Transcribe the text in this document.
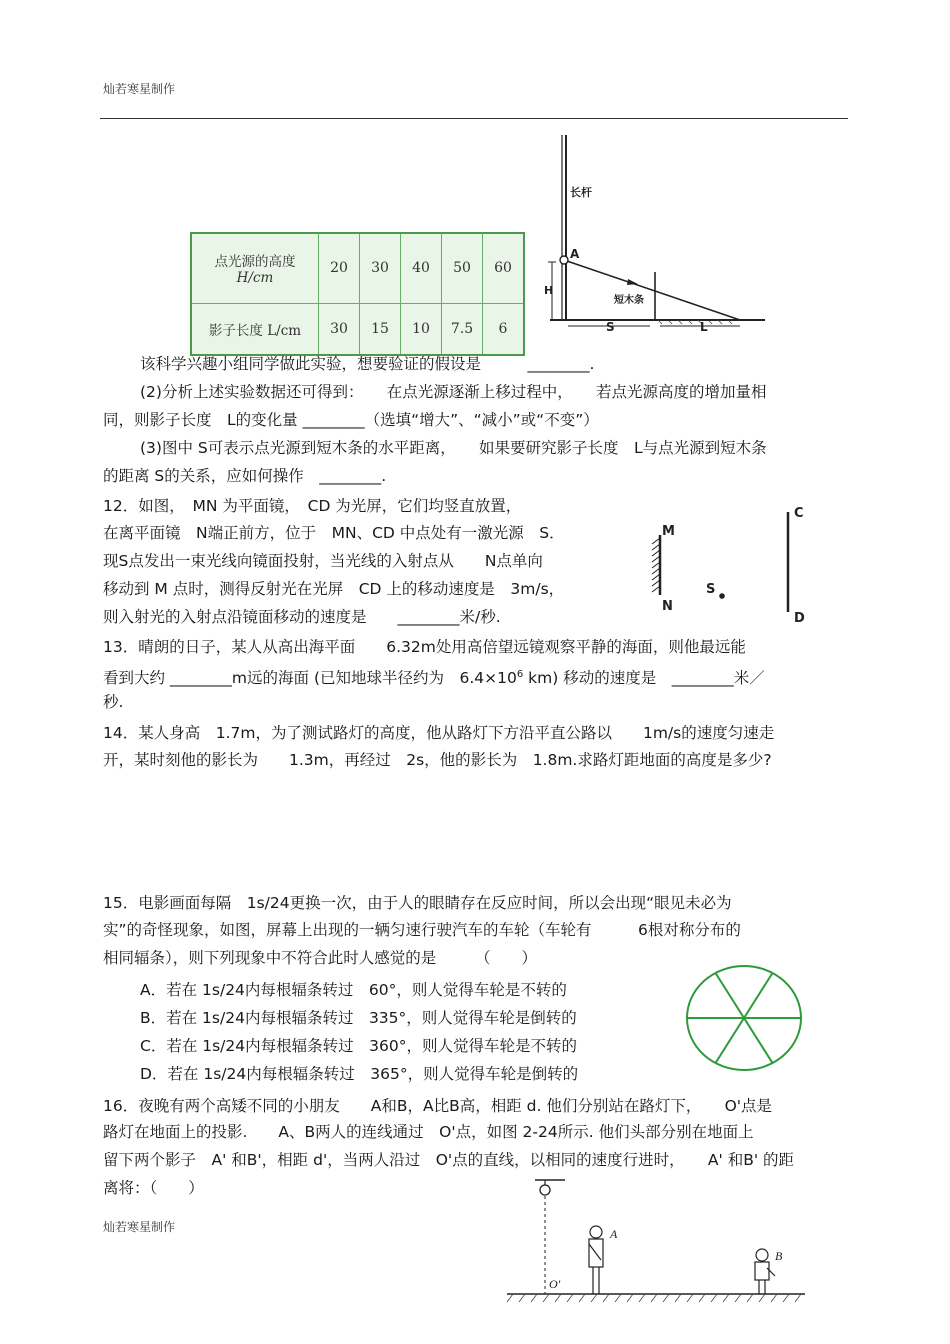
灿若寒星制作
点光源的高度
H/cm	20	30	40	50	60
影子长度 L/cm	30	15	10	7.5	6
长杆
A
H
短木条
S	L
该科学兴趣小组同学做此实验，想要验证的假设是　　　________.
(2)分析上述实验数据还可得到：　　在点光源逐渐上移过程中，　　若点光源高度的增加量相
同，则影子长度　L的变化量 ________（选填“增大”、“减小”或“不变”）
(3)图中 S可表示点光源到短木条的水平距离，　　如果要研究影子长度　L与点光源到短木条
的距离 S的关系，应如何操作　________.
12．如图，　MN 为平面镜，　CD 为光屏，它们均竖直放置，
在离平面镜　N端正前方，位于　MN、CD 中点处有一激光源　S．
现S点发出一束光线向镜面投射，当光线的入射点从　　N点单向
移动到 M 点时，测得反射光在光屏　CD 上的移动速度是　3m/s，
则入射光的入射点沿镜面移动的速度是　　________米/秒.
M
N
C
D
S
13．晴朗的日子，某人从高出海平面　　6.32m处用高倍望远镜观察平静的海面，则他最远能
看到大约 ________m远的海面 (已知地球半径约为　$6.4\times 10^6$ km) 移动的速度是　________米／
秒.
14．某人身高　1.7m，为了测试路灯的高度，他从路灯下方沿平直公路以　　1m/s的速度匀速走
开，某时刻他的影长为　　1.3m，再经过　2s，他的影长为　1.8m.求路灯距地面的高度是多少?
15．电影画面每隔　1s/24更换一次，由于人的眼睛存在反应时间，所以会出现“眼见未必为
实”的奇怪现象，如图，屏幕上出现的一辆匀速行驶汽车的车轮（车轮有　　　6根对称分布的
相同辐条），则下列现象中不符合此时人感觉的是　　　（　　）
A．若在 1s/24内每根辐条转过　60°，则人觉得车轮是不转的
B．若在 1s/24内每根辐条转过　335°，则人觉得车轮是倒转的
C．若在 1s/24内每根辐条转过　360°，则人觉得车轮是不转的
D．若在 1s/24内每根辐条转过　365°，则人觉得车轮是倒转的
16．夜晚有两个高矮不同的小朋友　　A和B，A比B高，相距 d. 他们分别站在路灯下，　　O'点是
路灯在地面上的投影.　　A、B两人的连线通过　O'点，如图 2-24所示. 他们头部分别在地面上
留下两个影子　A' 和B'，相距 d'，当两人沿过　O'点的直线，以相同的速度行进时，　　A' 和B' 的距
离将：（　　）
灿若寒星制作	A
B
O′
